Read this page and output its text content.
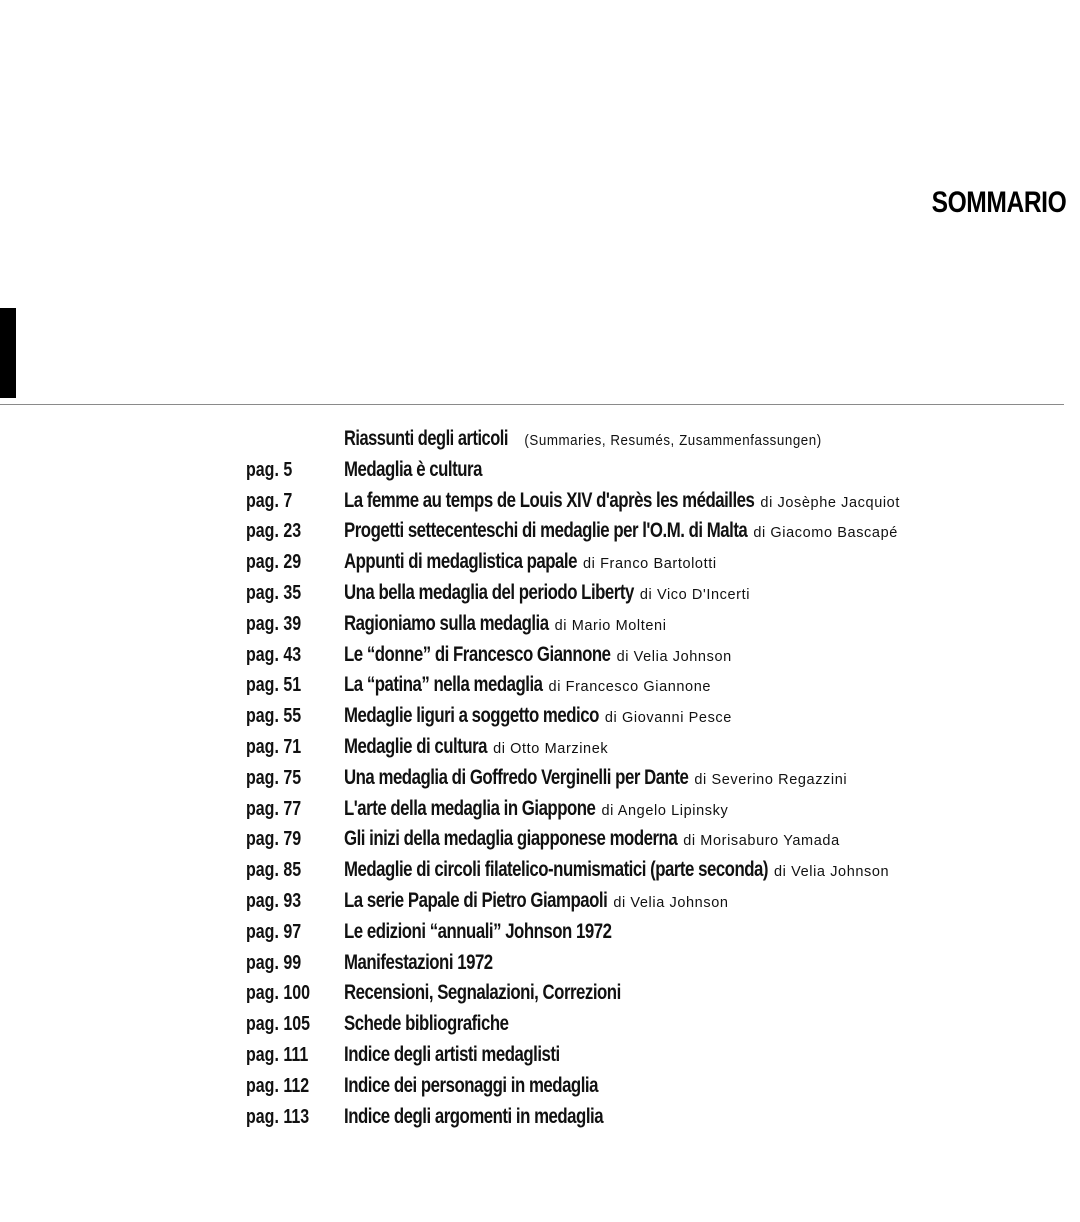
SOMMARIO
Riassunti degli articoli (Summaries, Resumés, Zusammenfassungen)
pag. 5 Medaglia è cultura
pag. 7 La femme au temps de Louis XIV d'après les médailles di Josèphe Jacquiot
pag. 23 Progetti settecenteschi di medaglie per l'O.M. di Malta di Giacomo Bascapé
pag. 29 Appunti di medaglistica papale di Franco Bartolotti
pag. 35 Una bella medaglia del periodo Liberty di Vico D'Incerti
pag. 39 Ragioniamo sulla medaglia di Mario Molteni
pag. 43 Le “donne” di Francesco Giannone di Velia Johnson
pag. 51 La “patina” nella medaglia di Francesco Giannone
pag. 55 Medaglie liguri a soggetto medico di Giovanni Pesce
pag. 71 Medaglie di cultura di Otto Marzinek
pag. 75 Una medaglia di Goffredo Verginelli per Dante di Severino Regazzini
pag. 77 L'arte della medaglia in Giappone di Angelo Lipinsky
pag. 79 Gli inizi della medaglia giapponese moderna di Morisaburo Yamada
pag. 85 Medaglie di circoli filatelico-numismatici (parte seconda) di Velia Johnson
pag. 93 La serie Papale di Pietro Giampaoli di Velia Johnson
pag. 97 Le edizioni “annuali” Johnson 1972
pag. 99 Manifestazioni 1972
pag. 100 Recensioni, Segnalazioni, Correzioni
pag. 105 Schede bibliografiche
pag. 111 Indice degli artisti medaglisti
pag. 112 Indice dei personaggi in medaglia
pag. 113 Indice degli argomenti in medaglia
